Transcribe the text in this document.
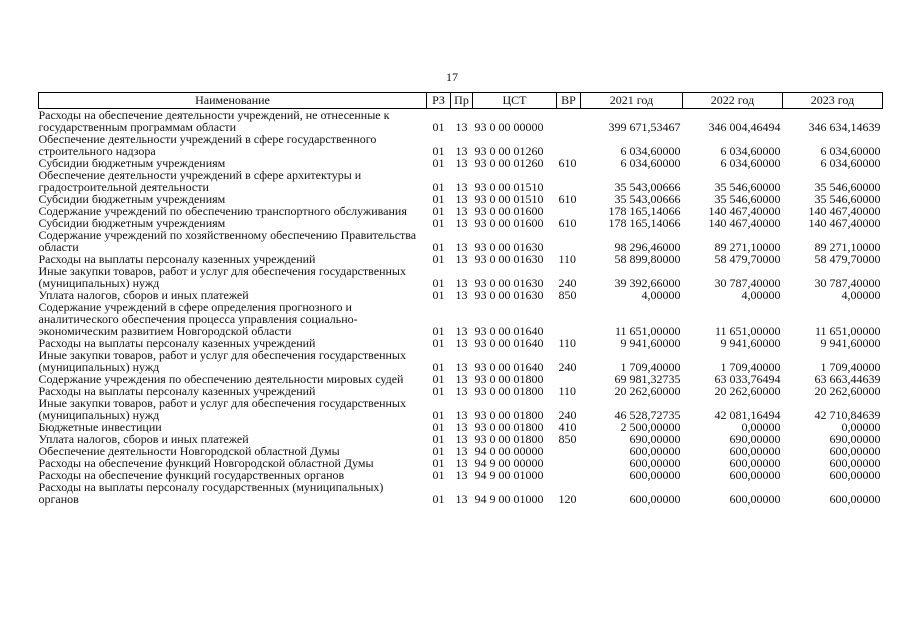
17
Наименование	РЗ	Пр	ЦСТ	ВР	2021 год	2022 год	2023 год
Расходы на обеспечение деятельности учреждений, не отнесенные к государственным программам области	01	13	93 0 00 00000		399 671,53467	346 004,46494	346 634,14639
Обеспечение деятельности учреждений в сфере государственного строительного надзора	01	13	93 0 00 01260		6 034,60000	6 034,60000	6 034,60000
Субсидии бюджетным учреждениям	01	13	93 0 00 01260	610	6 034,60000	6 034,60000	6 034,60000
Обеспечение деятельности учреждений в сфере архитектуры и градостроительной деятельности	01	13	93 0 00 01510		35 543,00666	35 546,60000	35 546,60000
Субсидии бюджетным учреждениям	01	13	93 0 00 01510	610	35 543,00666	35 546,60000	35 546,60000
Содержание учреждений по обеспечению транспортного обслуживания	01	13	93 0 00 01600		178 165,14066	140 467,40000	140 467,40000
Субсидии бюджетным учреждениям	01	13	93 0 00 01600	610	178 165,14066	140 467,40000	140 467,40000
Содержание учреждений по хозяйственному обеспечению Правительства области	01	13	93 0 00 01630		98 296,46000	89 271,10000	89 271,10000
Расходы на выплаты персоналу казенных учреждений	01	13	93 0 00 01630	110	58 899,80000	58 479,70000	58 479,70000
Иные закупки товаров, работ и услуг для обеспечения государственных (муниципальных) нужд	01	13	93 0 00 01630	240	39 392,66000	30 787,40000	30 787,40000
Уплата налогов, сборов и иных платежей	01	13	93 0 00 01630	850	4,00000	4,00000	4,00000
Содержание учреждений в сфере определения прогнозного и аналитического обеспечения процесса управления социально-экономическим развитием Новгородской области	01	13	93 0 00 01640		11 651,00000	11 651,00000	11 651,00000
Расходы на выплаты персоналу казенных учреждений	01	13	93 0 00 01640	110	9 941,60000	9 941,60000	9 941,60000
Иные закупки товаров, работ и услуг для обеспечения государственных (муниципальных) нужд	01	13	93 0 00 01640	240	1 709,40000	1 709,40000	1 709,40000
Содержание учреждения по обеспечению деятельности мировых судей	01	13	93 0 00 01800		69 981,32735	63 033,76494	63 663,44639
Расходы на выплаты персоналу казенных учреждений	01	13	93 0 00 01800	110	20 262,60000	20 262,60000	20 262,60000
Иные закупки товаров, работ и услуг для обеспечения государственных (муниципальных) нужд	01	13	93 0 00 01800	240	46 528,72735	42 081,16494	42 710,84639
Бюджетные инвестиции	01	13	93 0 00 01800	410	2 500,00000	0,00000	0,00000
Уплата налогов, сборов и иных платежей	01	13	93 0 00 01800	850	690,00000	690,00000	690,00000
Обеспечение деятельности Новгородской областной Думы	01	13	94 0 00 00000		600,00000	600,00000	600,00000
Расходы на обеспечение функций Новгородской областной Думы	01	13	94 9 00 00000		600,00000	600,00000	600,00000
Расходы на обеспечение функций государственных органов	01	13	94 9 00 01000		600,00000	600,00000	600,00000
Расходы на выплаты персоналу государственных (муниципальных) органов	01	13	94 9 00 01000	120	600,00000	600,00000	600,00000
